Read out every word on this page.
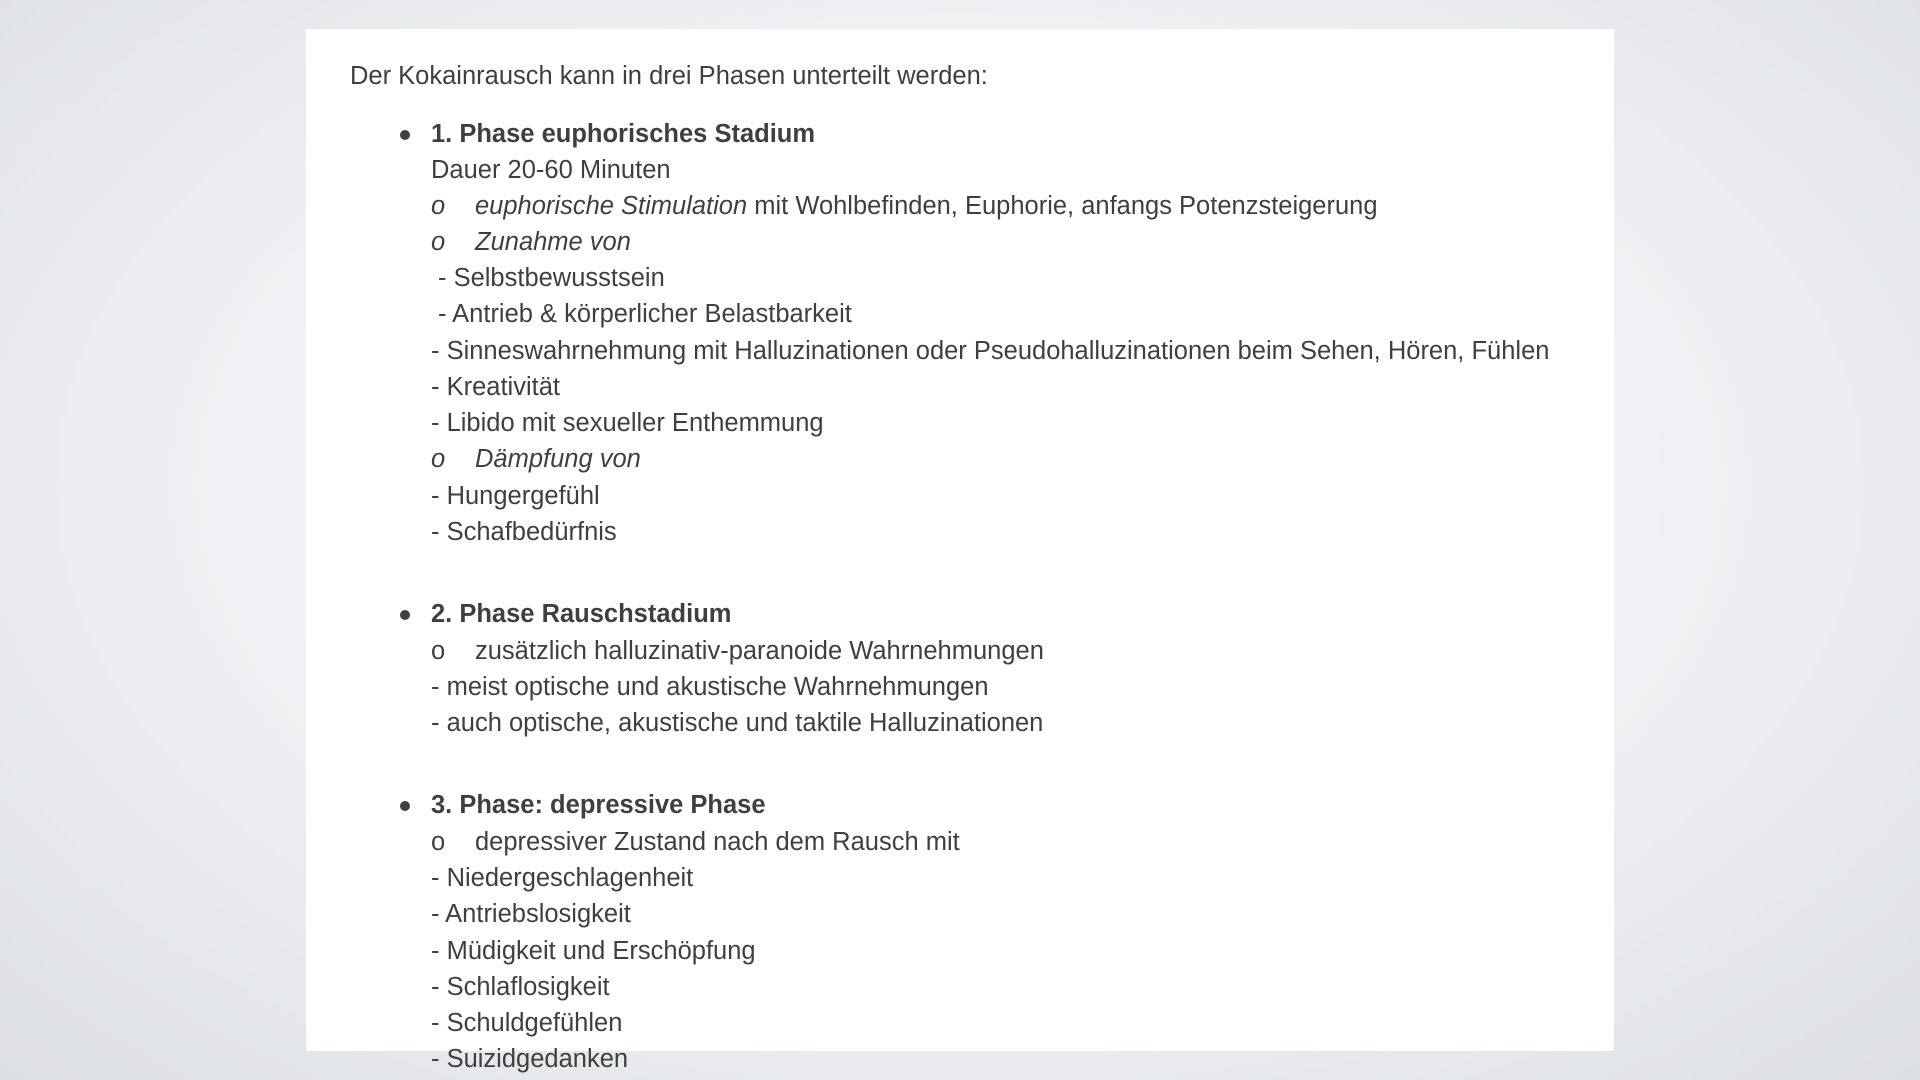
Der Kokainrausch kann in drei Phasen unterteilt werden:
1. Phase euphorisches Stadium
Dauer 20-60 Minuten
o euphorische Stimulation mit Wohlbefinden, Euphorie, anfangs Potenzsteigerung
o Zunahme von
- Selbstbewusstsein
- Antrieb & körperlicher Belastbarkeit
- Sinneswahrnehmung mit Halluzinationen oder Pseudohalluzinationen beim Sehen, Hören, Fühlen
- Kreativität
- Libido mit sexueller Enthemmung
o Dämpfung von
- Hungergefühl
- Schafbedürfnis
2. Phase Rauschstadium
o zusätzlich halluzinativ-paranoide Wahrnehmungen
- meist optische und akustische Wahrnehmungen
- auch optische, akustische und taktile Halluzinationen
3. Phase: depressive Phase
o depressiver Zustand nach dem Rausch mit
- Niedergeschlagenheit
- Antriebslosigkeit
- Müdigkeit und Erschöpfung
- Schlaflosigkeit
- Schuldgefühlen
- Suizidgedanken
